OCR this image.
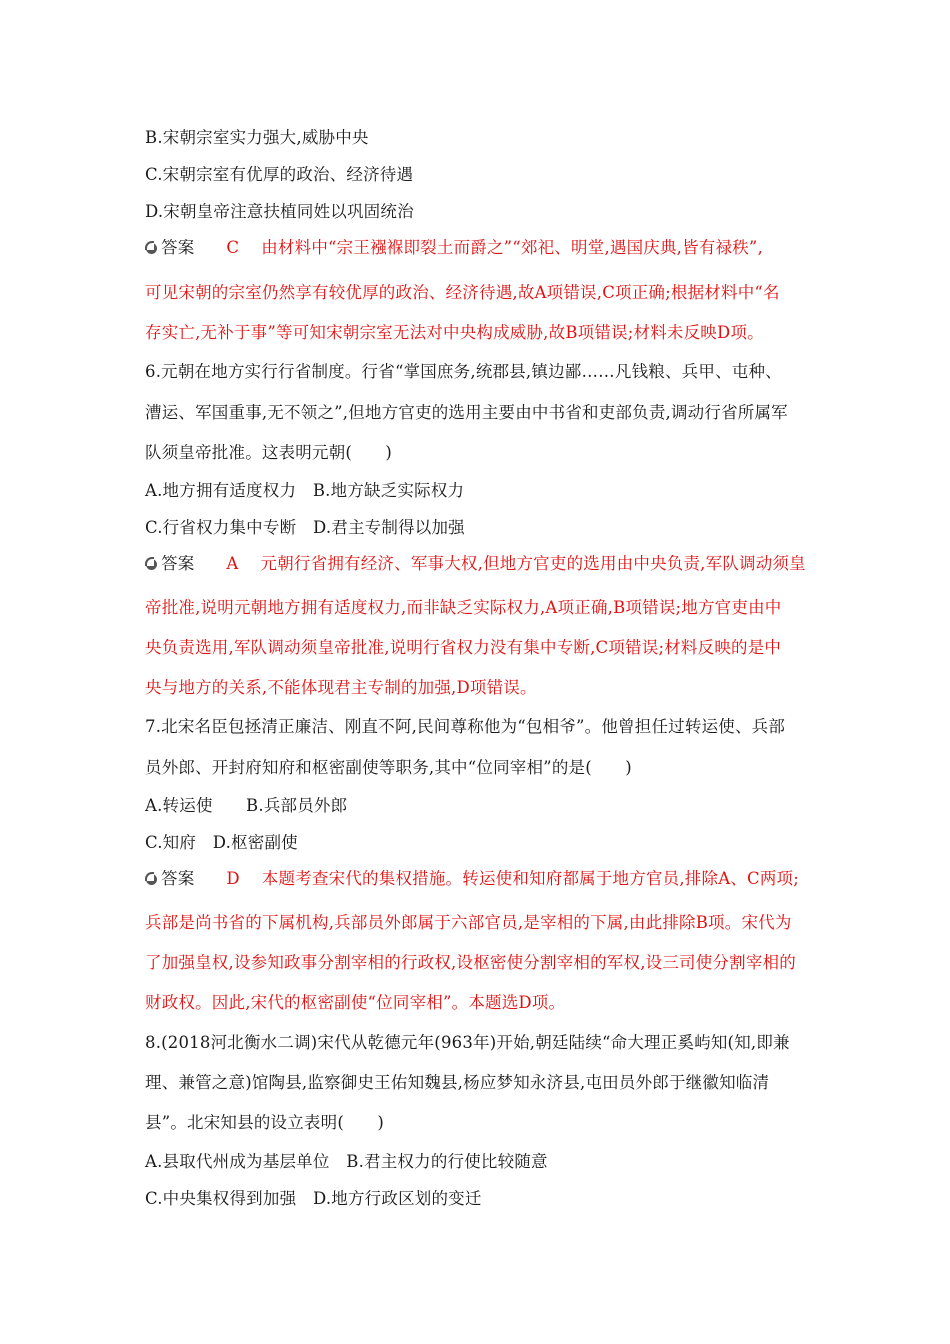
B.宋朝宗室实力强大,威胁中央
C.宋朝宗室有优厚的政治、经济待遇
D.宋朝皇帝注意扶植同姓以巩固统治
答案 C 由材料中“宗王襁褓即裂土而爵之”“郊祀、明堂,遇国庆典,皆有禄秩”,
可见宋朝的宗室仍然享有较优厚的政治、经济待遇,故A项错误,C项正确;根据材料中“名
存实亡,无补于事”等可知宋朝宗室无法对中央构成威胁,故B项错误;材料未反映D项。
6.元朝在地方实行行省制度。行省“掌国庶务,统郡县,镇边鄙……凡钱粮、兵甲、屯种、
漕运、军国重事,无不领之”,但地方官吏的选用主要由中书省和吏部负责,调动行省所属军
队须皇帝批准。这表明元朝(　　)
A.地方拥有适度权力　B.地方缺乏实际权力
C.行省权力集中专断　D.君主专制得以加强
答案 A 元朝行省拥有经济、军事大权,但地方官吏的选用由中央负责,军队调动须皇
帝批准,说明元朝地方拥有适度权力,而非缺乏实际权力,A项正确,B项错误;地方官吏由中
央负责选用,军队调动须皇帝批准,说明行省权力没有集中专断,C项错误;材料反映的是中
央与地方的关系,不能体现君主专制的加强,D项错误。
7.北宋名臣包拯清正廉洁、刚直不阿,民间尊称他为“包相爷”。他曾担任过转运使、兵部
员外郎、开封府知府和枢密副使等职务,其中“位同宰相”的是(　　)
A.转运使　　B.兵部员外郎
C.知府　D.枢密副使
答案 D 本题考查宋代的集权措施。转运使和知府都属于地方官员,排除A、C两项;
兵部是尚书省的下属机构,兵部员外郎属于六部官员,是宰相的下属,由此排除B项。宋代为
了加强皇权,设参知政事分割宰相的行政权,设枢密使分割宰相的军权,设三司使分割宰相的
财政权。因此,宋代的枢密副使“位同宰相”。本题选D项。
8.(2018河北衡水二调)宋代从乾德元年(963年)开始,朝廷陆续“命大理正奚屿知(知,即兼
理、兼管之意)馆陶县,监察御史王佑知魏县,杨应梦知永济县,屯田员外郎于继徽知临清
县”。北宋知县的设立表明(　　)
A.县取代州成为基层单位　B.君主权力的行使比较随意
C.中央集权得到加强　D.地方行政区划的变迁
